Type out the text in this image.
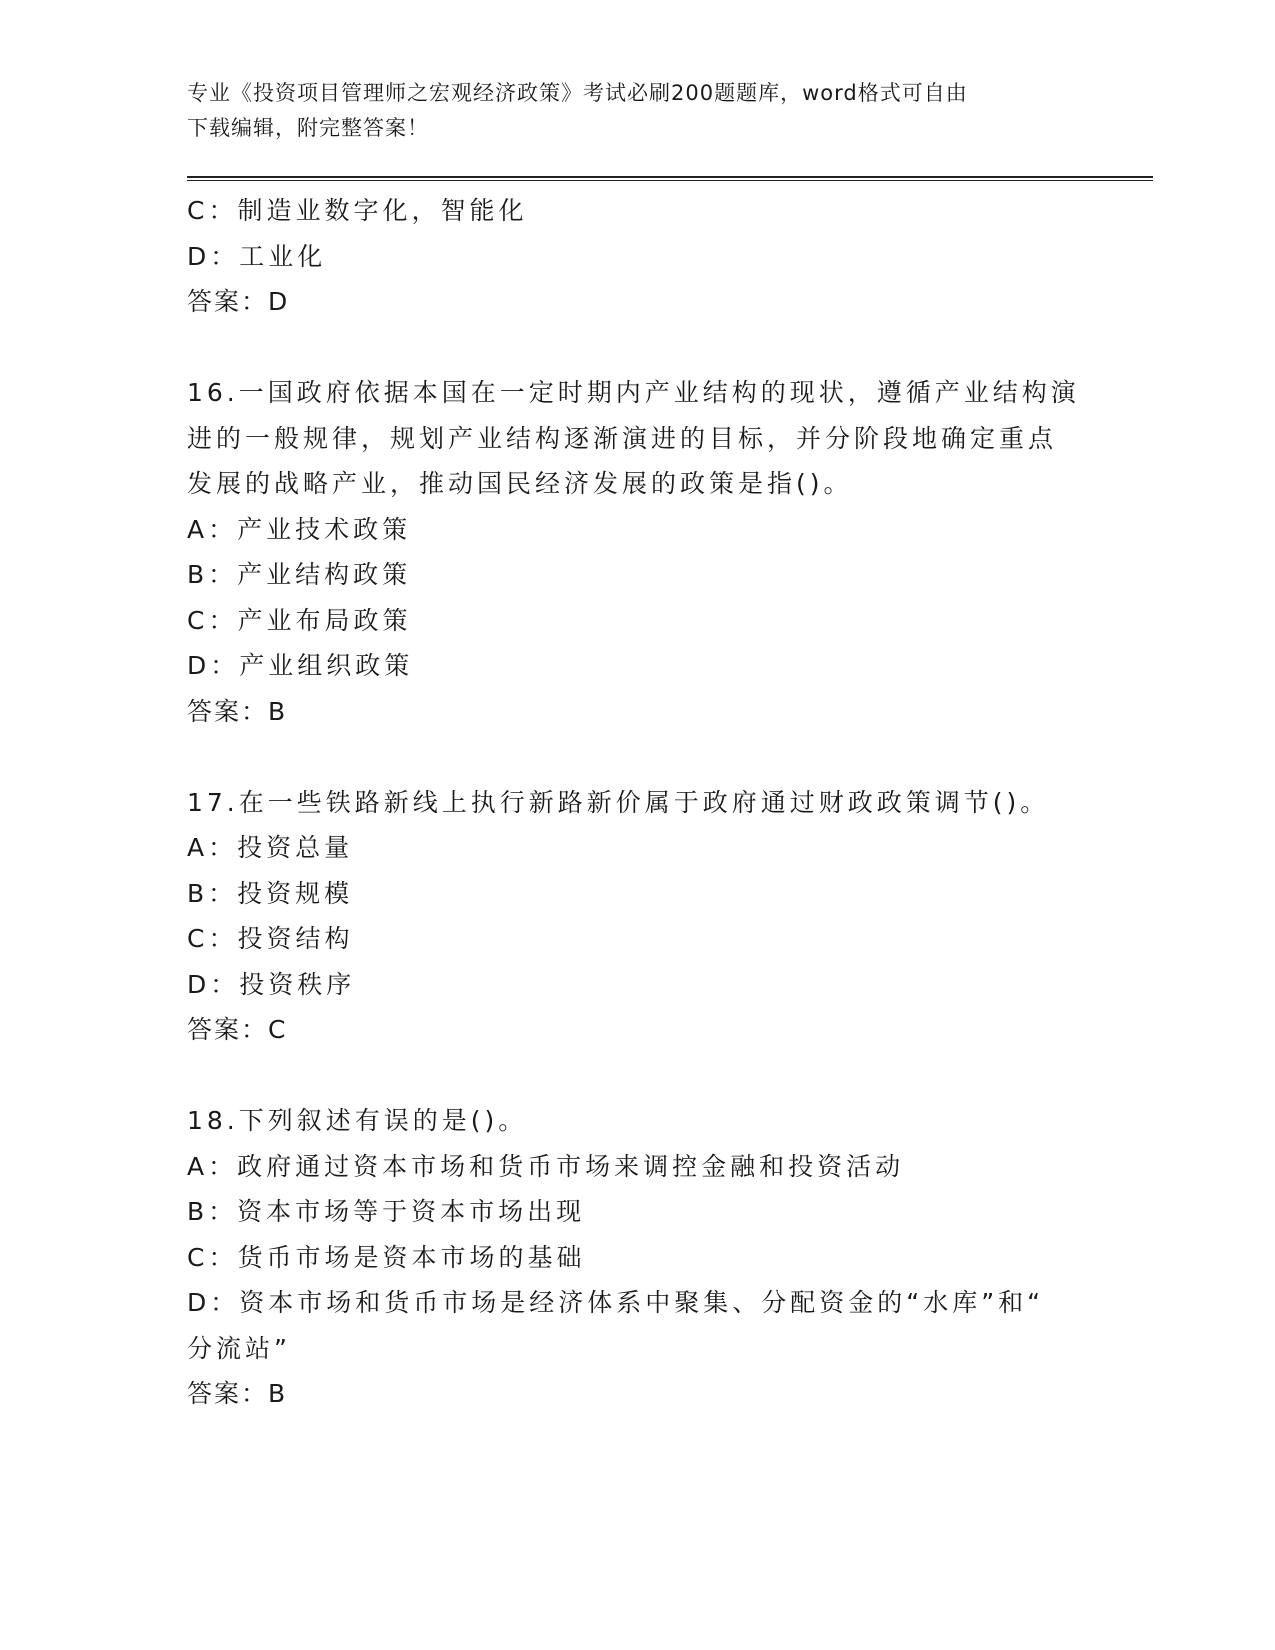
专业《投资项目管理师之宏观经济政策》考试必刷200题题库，word格式可自由
下载编辑，附完整答案！
C：制造业数字化，智能化
D：工业化
答案：D
16.一国政府依据本国在一定时期内产业结构的现状，遵循产业结构演
进的一般规律，规划产业结构逐渐演进的目标，并分阶段地确定重点
发展的战略产业，推动国民经济发展的政策是指()。
A：产业技术政策
B：产业结构政策
C：产业布局政策
D：产业组织政策
答案：B
17.在一些铁路新线上执行新路新价属于政府通过财政政策调节()。
A：投资总量
B：投资规模
C：投资结构
D：投资秩序
答案：C
18.下列叙述有误的是()。
A：政府通过资本市场和货币市场来调控金融和投资活动
B：资本市场等于资本市场出现
C：货币市场是资本市场的基础
D：资本市场和货币市场是经济体系中聚集、分配资金的“水库”和“
分流站”
答案：B
